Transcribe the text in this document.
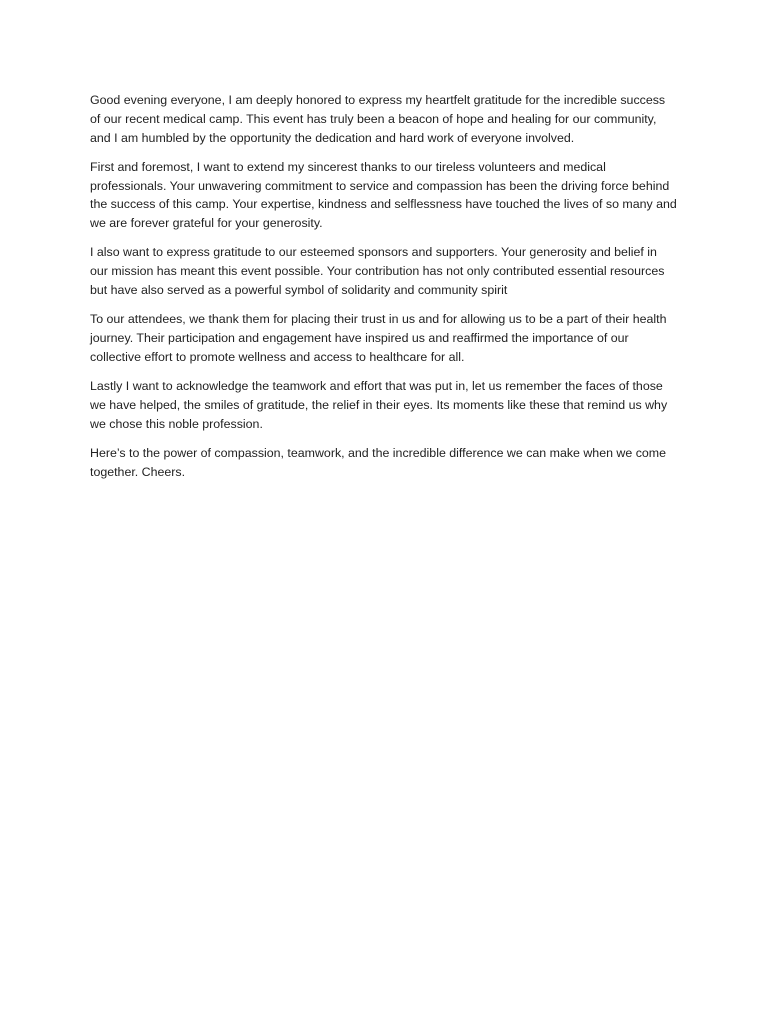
Good evening everyone, I am deeply honored to express my heartfelt gratitude for the incredible success of our recent medical camp. This event has truly been a beacon of hope and healing for our community, and I am humbled by the opportunity the dedication and hard work of everyone involved.

First and foremost, I want to extend my sincerest thanks to our tireless volunteers and medical professionals. Your unwavering commitment to service and compassion has been the driving force behind the success of this camp. Your expertise, kindness and selflessness have touched the lives of so many and we are forever grateful for your generosity.

I also want to express gratitude to our esteemed sponsors and supporters. Your generosity and belief in our mission has meant this event possible. Your contribution has not only contributed essential resources but have also served as a powerful symbol of solidarity and community spirit

To our attendees, we thank them for placing their trust in us and for allowing us to be a part of their health journey. Their participation and engagement have inspired us and reaffirmed the importance of our collective effort to promote wellness and access to healthcare for all.

Lastly I want to acknowledge the teamwork and effort that was put in, let us remember the faces of those we have helped, the smiles of gratitude, the relief in their eyes. Its moments like these that remind us why we chose this noble profession.

Here’s to the power of compassion, teamwork, and the incredible difference we can make when we come together. Cheers.
